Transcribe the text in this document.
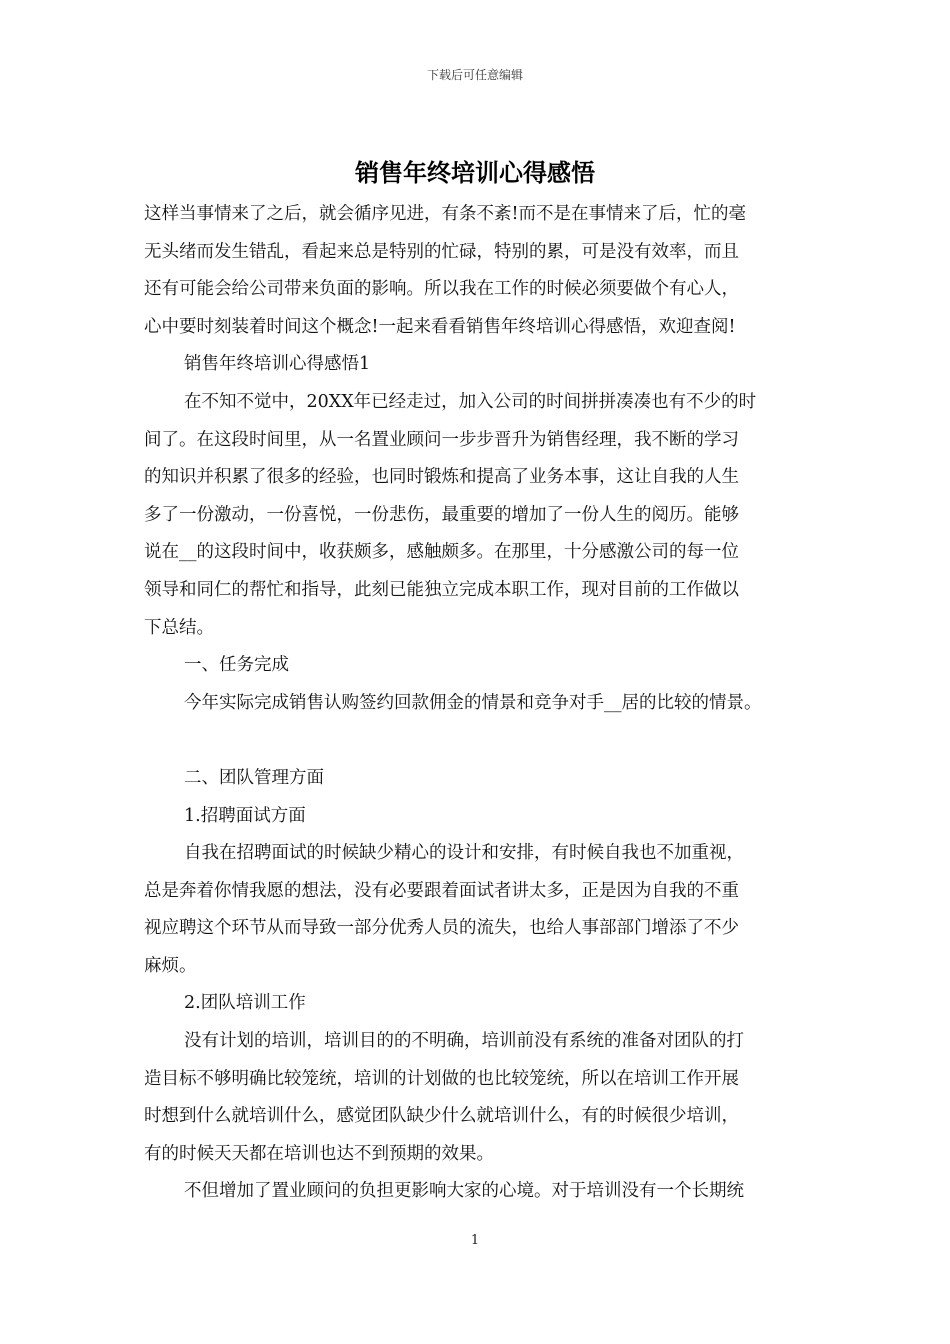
下载后可任意编辑
销售年终培训心得感悟
这样当事情来了之后，就会循序见进，有条不紊!而不是在事情来了后，忙的毫
无头绪而发生错乱，看起来总是特别的忙碌，特别的累，可是没有效率，而且
还有可能会给公司带来负面的影响。所以我在工作的时候必须要做个有心人，
心中要时刻装着时间这个概念!一起来看看销售年终培训心得感悟，欢迎查阅!
销售年终培训心得感悟1
在不知不觉中，20XX年已经走过，加入公司的时间拼拼凑凑也有不少的时
间了。在这段时间里，从一名置业顾问一步步晋升为销售经理，我不断的学习
的知识并积累了很多的经验，也同时锻炼和提高了业务本事，这让自我的人生
多了一份激动，一份喜悦，一份悲伤，最重要的增加了一份人生的阅历。能够
说在__的这段时间中，收获颇多，感触颇多。在那里，十分感激公司的每一位
领导和同仁的帮忙和指导，此刻已能独立完成本职工作，现对目前的工作做以
下总结。
一、任务完成
今年实际完成销售认购签约回款佣金的情景和竞争对手__居的比较的情景。
二、团队管理方面
1.招聘面试方面
自我在招聘面试的时候缺少精心的设计和安排，有时候自我也不加重视，
总是奔着你情我愿的想法，没有必要跟着面试者讲太多，正是因为自我的不重
视应聘这个环节从而导致一部分优秀人员的流失，也给人事部部门增添了不少
麻烦。
2.团队培训工作
没有计划的培训，培训目的的不明确，培训前没有系统的准备对团队的打
造目标不够明确比较笼统，培训的计划做的也比较笼统，所以在培训工作开展
时想到什么就培训什么，感觉团队缺少什么就培训什么，有的时候很少培训，
有的时候天天都在培训也达不到预期的效果。
不但增加了置业顾问的负担更影响大家的心境。对于培训没有一个长期统
1
